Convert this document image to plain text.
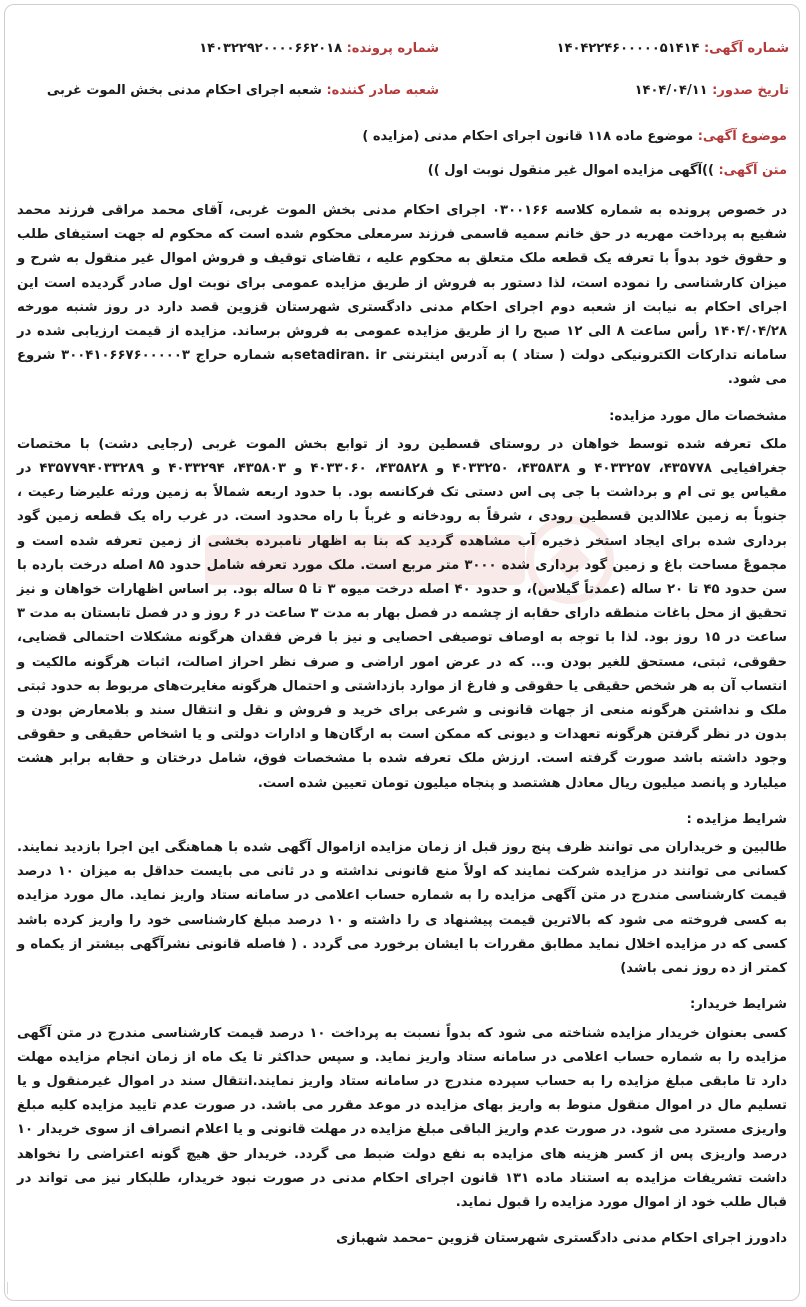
شماره آگهی: ۱۴۰۴۲۲۴۶۰۰۰۰۰۵۱۴۱۴
شماره پرونده: ۱۴۰۳۲۲۹۲۰۰۰۰۶۶۲۰۱۸
تاریخ صدور: ۱۴۰۴/۰۴/۱۱
شعبه صادر کننده: شعبه اجرای احکام مدنی بخش الموت غربی
موضوع آگهی: موضوع ماده ۱۱۸ قانون اجرای احکام مدنی (مزایده )
متن آگهی: ))آگهی مزایده اموال غیر منقول نوبت اول ))

در خصوص پرونده به شماره کلاسه ۰۳۰۰۱۶۶ اجرای احکام مدنی بخش الموت غربی، آقای محمد مراقی فرزند محمد شفیع به پرداخت مهریه در حق خانم سمیه قاسمی فرزند سرمعلی محکوم شده است که محکوم له جهت استیفای طلب و حقوق خود بدواً با تعرفه یک قطعه ملک متعلق به محکوم علیه ، تقاضای توقیف و فروش اموال غیر منقول به شرح و میزان کارشناسی را نموده است، لذا دستور به فروش از طریق مزایده عمومی برای نوبت اول صادر گردیده است این اجرای احکام به نیابت از شعبه دوم اجرای احکام مدنی دادگستری شهرستان قزوین قصد دارد در روز شنبه مورخه ۱۴۰۴/۰۴/۲۸ رأس ساعت ۸ الی ۱۲ صبح را از طریق مزایده عمومی به فروش برساند. مزایده از قیمت ارزیابی شده در سامانه تدارکات الکترونیکی دولت ( ستاد ) به آدرس اینترنتی setadiran. irبه شماره حراج ۳۰۰۴۱۰۶۶۷۶۰۰۰۰۰۳ شروع می شود.

مشخصات مال مورد مزایده:

ملک تعرفه شده توسط خواهان در روستای قسطین رود از توابع بخش الموت غربی (رجایی دشت) با مختصات جغرافیایی ۴۳۵۷۷۸، ۴۰۳۳۲۵۷ و ۴۳۵۸۳۸، ۴۰۳۳۲۵۰ و ۴۳۵۸۲۸، ۴۰۳۳۰۶۰ و ۴۳۵۸۰۳، ۴۰۳۳۲۹۴ و ۴۳۵۷۷۹۴۰۳۳۲۸۹ در مقیاس یو تی ام و برداشت با جی پی اس دستی تک فرکانسه بود. با حدود اربعه شمالاً به زمین ورثه علیرضا رعیت ، جنوباً به زمین علاالدین قسطین رودی ، شرقاً به رودخانه و غرباً با راه محدود است. در غرب راه یک قطعه زمین گود برداری شده برای ایجاد استخر ذخیره آب مشاهده گردید که بنا به اظهار نامبرده بخشی از زمین تعرفه شده است و مجموعً مساحت باغ و زمین گود برداری شده ۳۰۰۰ متر مربع است. ملک مورد تعرفه شامل حدود ۸۵ اصله درخت بارده با سن حدود ۴۵ تا ۲۰ ساله (عمدتاً گیلاس)، و حدود ۴۰ اصله درخت میوه ۳ تا ۵ ساله بود. بر اساس اظهارات خواهان و نیز تحقیق از محل باغات منطقه دارای حقابه از چشمه در فصل بهار به مدت ۳ ساعت در ۶ روز و در فصل تابستان به مدت ۳ ساعت در ۱۵ روز بود. لذا با توجه به اوصاف توصیفی احصایی و نیز با فرض فقدان هرگونه مشکلات احتمالی قضایی، حقوقی، ثبتی، مستحق للغیر بودن و... که در عرض امور اراضی و صرف نظر احراز اصالت، اثبات هرگونه مالکیت و انتساب آن به هر شخص حقیقی یا حقوقی و فارغ از موارد بازداشتی و احتمال هرگونه مغایرت‌های مربوط به حدود ثبتی ملک و نداشتن هرگونه منعی از جهات قانونی و شرعی برای خرید و فروش و نقل و انتقال سند و بلامعارض بودن و بدون در نظر گرفتن هرگونه تعهدات و دیونی که ممکن است به ارگان‌ها و ادارات دولتی و یا اشخاص حقیقی و حقوقی وجود داشته باشد صورت گرفته است. ارزش ملک تعرفه شده با مشخصات فوق، شامل درختان و حقابه برابر هشت میلیارد و پانصد میلیون ریال معادل هشتصد و پنجاه میلیون تومان تعیین شده است.

شرایط مزایده :

طالبین و خریداران می توانند ظرف پنج روز قبل از زمان مزایده ازاموال آگهی شده با هماهنگی این اجرا بازدید نمایند. کسانی می توانند در مزایده شرکت نمایند که اولاً منع قانونی نداشته و در ثانی می بایست حداقل به میزان ۱۰ درصد قیمت کارشناسی مندرج در متن آگهی مزایده را به شماره حساب اعلامی در سامانه ستاد واریز نماید. مال مورد مزایده به کسی فروخته می شود که بالاترین قیمت پیشنهاد ی را داشته و ۱۰ درصد مبلغ کارشناسی خود را واریز کرده باشد کسی که در مزایده اخلال نماید مطابق مقررات با ایشان برخورد می گردد . ( فاصله قانونی نشرآگهی بیشتر از یکماه و کمتر از ده روز نمی باشد)

شرایط خریدار:

کسی بعنوان خریدار مزایده شناخته می شود که بدواً نسبت به پرداخت ۱۰ درصد قیمت کارشناسی مندرج در متن آگهی مزایده را به شماره حساب اعلامی در سامانه ستاد واریز نماید. و سپس حداکثر تا یک ماه از زمان انجام مزایده مهلت دارد تا مابقی مبلغ مزایده را به حساب سپرده مندرج در سامانه ستاد واریز نمایند.انتقال سند در اموال غیرمنقول و یا تسلیم مال در اموال منقول منوط به واریز بهای مزایده در موعد مقرر می باشد. در صورت عدم تایید مزایده کلیه مبلغ واریزی مسترد می شود. در صورت عدم واریز الباقی مبلغ مزایده در مهلت قانونی و یا اعلام انصراف از سوی خریدار ۱۰ درصد واریزی پس از کسر هزینه های مزایده به نفع دولت ضبط می گردد. خریدار حق هیچ گونه اعتراضی را نخواهد داشت تشریفات مزایده به استناد ماده ۱۳۱ قانون اجرای احکام مدنی در صورت نبود خریدار، طلبکار نیز می تواند در قبال طلب خود از اموال مورد مزایده را قبول نماید.

دادورز اجرای احکام مدنی دادگستری شهرستان قزوین –محمد شهبازی
